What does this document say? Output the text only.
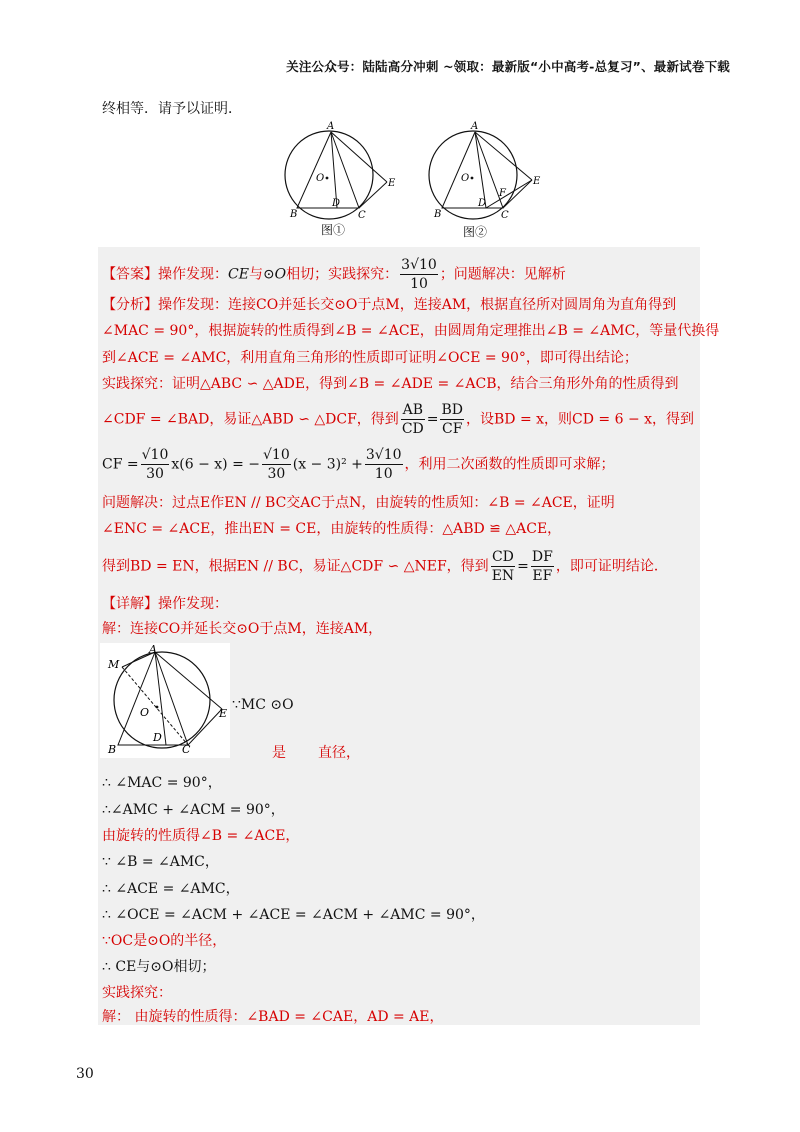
关注公众号：陆陆高分冲刺 ~领取：最新版“小中高考-总复习”、最新试卷下载
终相等．请予以证明．
A
O
B
D
C
E
A
O
B
D
F
C
E
图①	图②
【答案】操作发现：CE与⊙O相切；实践探究： $\frac{3√10}{10}$ ；问题解决：见解析
【分析】操作发现：连接CO并延长交⊙O于点M，连接AM，根据直径所对圆周角为直角得到
∠MAC = 90°，根据旋转的性质得到∠B = ∠ACE，由圆周角定理推出∠B = ∠AMC，等量代换得
到∠ACE = ∠AMC，利用直角三角形的性质即可证明∠OCE = 90°，即可得出结论；
实践探究：证明△ABC ∽ △ADE，得到∠B = ∠ADE = ∠ACB，结合三角形外角的性质得到
∠CDF = ∠BAD，易证△ABD ∽ △DCF，得到 $\frac{AB}{CD} = \frac{BD}{CF}$ ，设BD = x，则CD = 6 − x，得到
CF = $\frac{√10}{30} x(6 - x)$ = − $\frac{√10}{30} (x - 3)^2 + \frac{3√10}{10}$ ，利用二次函数的性质即可求解；
问题解决：过点E作EN // BC交AC于点N，由旋转的性质知：∠B = ∠ACE，证明
∠ENC = ∠ACE，推出EN = CE，由旋转的性质得：△ABD ≌ △ACE，
得到BD = EN，根据EN // BC，易证△CDF ∽ △NEF，得到 $\frac{CD}{EN} = \frac{DF}{EF}$ ，即可证明结论．
【详解】操作发现：
解：连接CO并延长交⊙O于点M，连接AM，
A
M
O
B
D
C
E
∵MC ⊙O
是 直径，
∴ ∠MAC = 90°，
∴∠AMC + ∠ACM = 90°，
由旋转的性质得∠B = ∠ACE，
∵ ∠B = ∠AMC，
∴ ∠ACE = ∠AMC，
∴ ∠OCE = ∠ACM + ∠ACE = ∠ACM + ∠AMC = 90°，
∵OC是⊙O的半径，
∴ CE与⊙O相切；
实践探究：
解： 由旋转的性质得：∠BAD = ∠CAE，AD = AE，
30
